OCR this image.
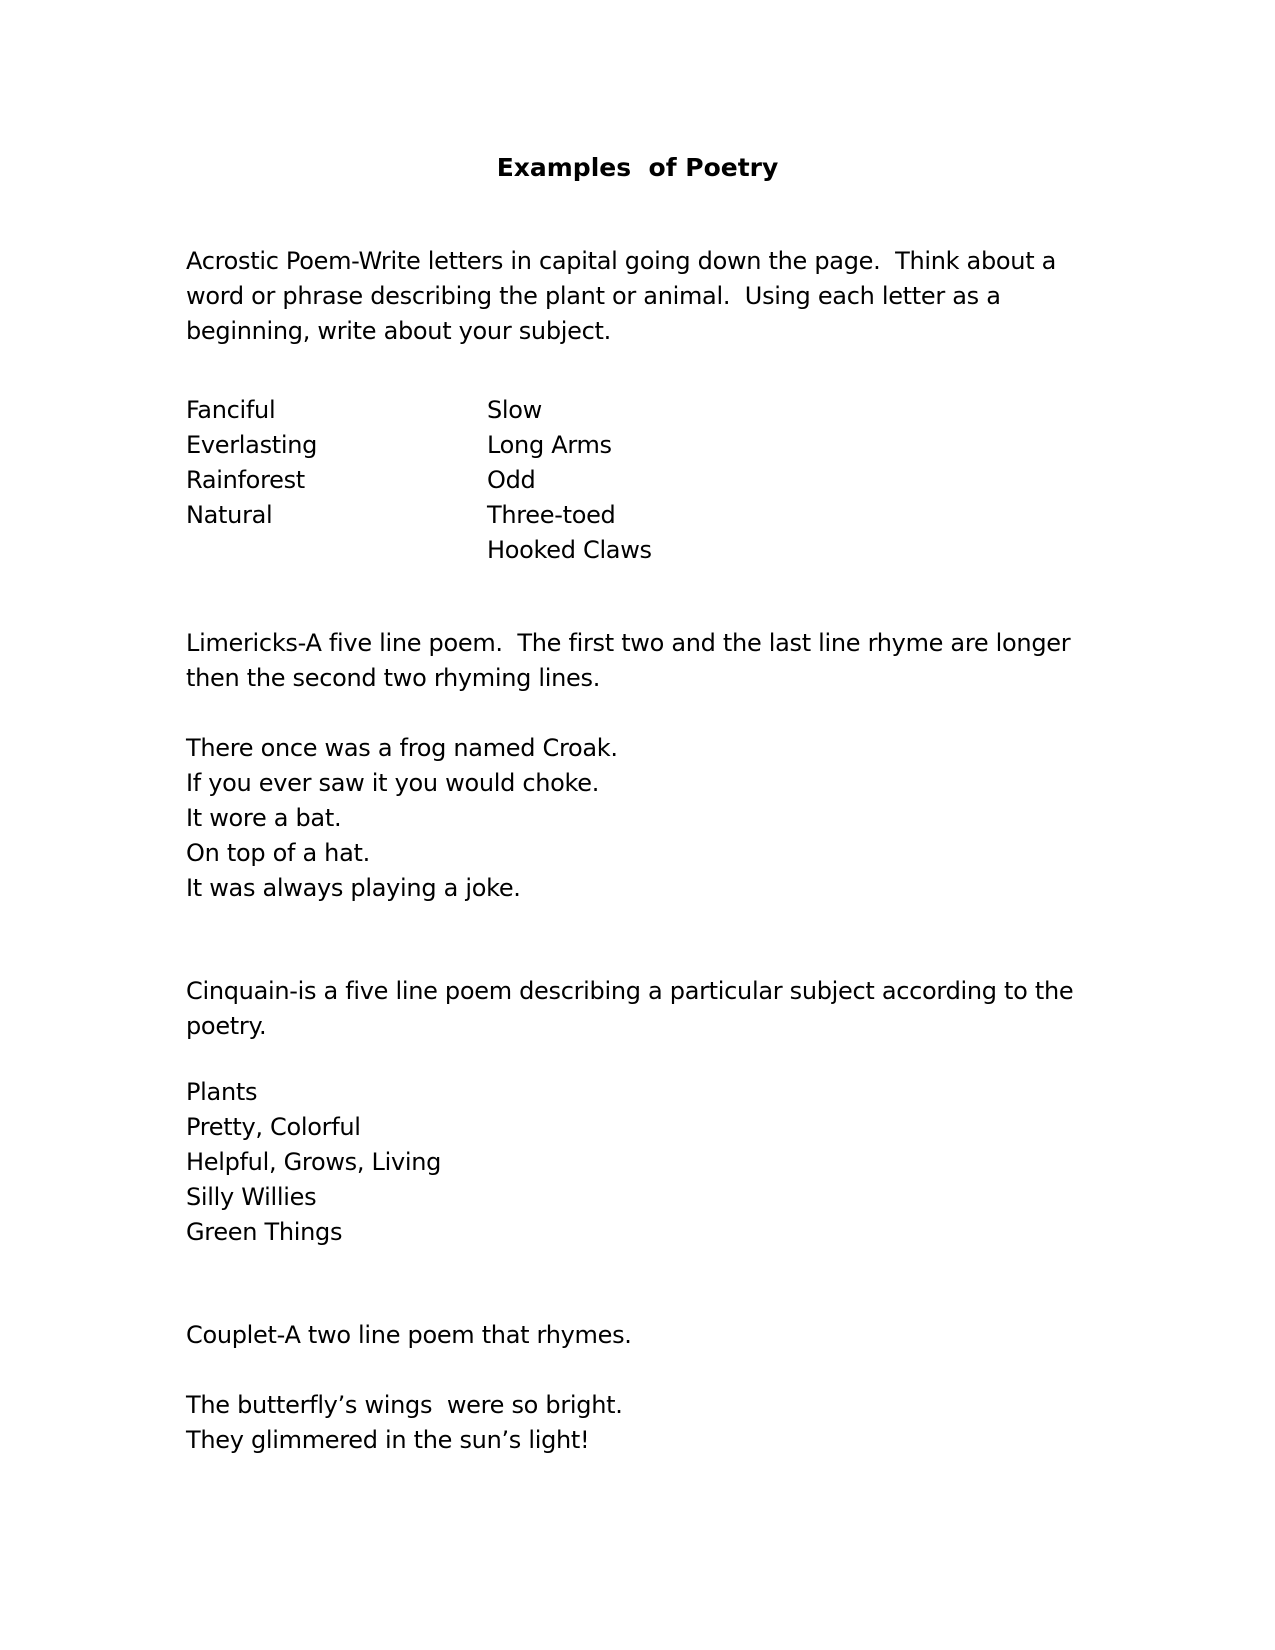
Examples  of Poetry
Acrostic Poem-Write letters in capital going down the page.  Think about a
word or phrase describing the plant or animal.  Using each letter as a
beginning, write about your subject.
Fanciful
Everlasting
Rainforest
Natural
Slow
Long Arms
Odd
Three-toed
Hooked Claws
Limericks-A five line poem.  The first two and the last line rhyme are longer
then the second two rhyming lines.
There once was a frog named Croak.
If you ever saw it you would choke.
It wore a bat.
On top of a hat.
It was always playing a joke.
Cinquain-is a five line poem describing a particular subject according to the
poetry.
Plants
Pretty, Colorful
Helpful, Grows, Living
Silly Willies
Green Things
Couplet-A two line poem that rhymes.
The butterfly’s wings  were so bright.
They glimmered in the sun’s light!
